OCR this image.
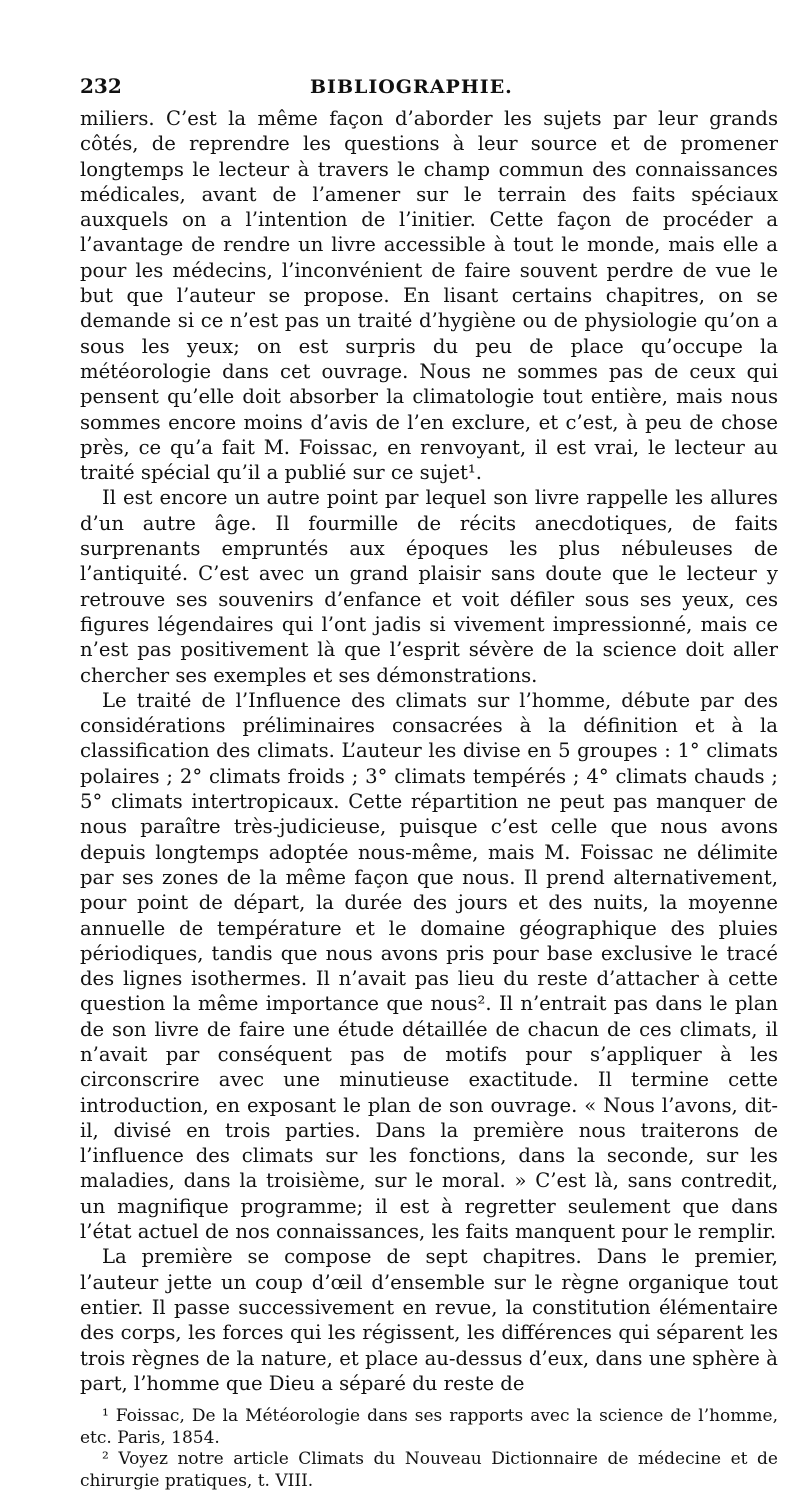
232	BIBLIOGRAPHIE.

miliers. C’est la même façon d’aborder les sujets par leur grands côtés, de reprendre les questions à leur source et de promener longtemps le lecteur à travers le champ commun des connaissances médicales, avant de l’amener sur le terrain des faits spéciaux auxquels on a l’intention de l’initier. Cette façon de procéder a l’avantage de rendre un livre accessible à tout le monde, mais elle a pour les médecins, l’inconvénient de faire souvent perdre de vue le but que l’auteur se propose. En lisant certains chapitres, on se demande si ce n’est pas un traité d’hygiène ou de physiologie qu’on a sous les yeux; on est surpris du peu de place qu’occupe la météorologie dans cet ouvrage. Nous ne sommes pas de ceux qui pensent qu’elle doit absorber la climatologie tout entière, mais nous sommes encore moins d’avis de l’en exclure, et c’est, à peu de chose près, ce qu’a fait M. Foissac, en renvoyant, il est vrai, le lecteur au traité spécial qu’il a publié sur ce sujet¹.

Il est encore un autre point par lequel son livre rappelle les allures d’un autre âge. Il fourmille de récits anecdotiques, de faits surprenants empruntés aux époques les plus nébuleuses de l’antiquité. C’est avec un grand plaisir sans doute que le lecteur y retrouve ses souvenirs d’enfance et voit défiler sous ses yeux, ces figures légendaires qui l’ont jadis si vivement impressionné, mais ce n’est pas positivement là que l’esprit sévère de la science doit aller chercher ses exemples et ses démonstrations.

Le traité de l’Influence des climats sur l’homme, débute par des considérations préliminaires consacrées à la définition et à la classification des climats. L’auteur les divise en 5 groupes : 1° climats polaires ; 2° climats froids ; 3° climats tempérés ; 4° climats chauds ; 5° climats intertropicaux. Cette répartition ne peut pas manquer de nous paraître très-judicieuse, puisque c’est celle que nous avons depuis longtemps adoptée nous-même, mais M. Foissac ne délimite par ses zones de la même façon que nous. Il prend alternativement, pour point de départ, la durée des jours et des nuits, la moyenne annuelle de température et le domaine géographique des pluies périodiques, tandis que nous avons pris pour base exclusive le tracé des lignes isothermes. Il n’avait pas lieu du reste d’attacher à cette question la même importance que nous². Il n’entrait pas dans le plan de son livre de faire une étude détaillée de chacun de ces climats, il n’avait par conséquent pas de motifs pour s’appliquer à les circonscrire avec une minutieuse exactitude. Il termine cette introduction, en exposant le plan de son ouvrage. « Nous l’avons, dit-il, divisé en trois parties. Dans la première nous traiterons de l’influence des climats sur les fonctions, dans la seconde, sur les maladies, dans la troisième, sur le moral. » C’est là, sans contredit, un magnifique programme; il est à regretter seulement que dans l’état actuel de nos connaissances, les faits manquent pour le remplir.

La première se compose de sept chapitres. Dans le premier, l’auteur jette un coup d’œil d’ensemble sur le règne organique tout entier. Il passe successivement en revue, la constitution élémentaire des corps, les forces qui les régissent, les différences qui séparent les trois règnes de la nature, et place au-dessus d’eux, dans une sphère à part, l’homme que Dieu a séparé du reste de

¹ Foissac, De la Météorologie dans ses rapports avec la science de l’homme, etc. Paris, 1854.

² Voyez notre article Climats du Nouveau Dictionnaire de médecine et de chirurgie pratiques, t. VIII.
